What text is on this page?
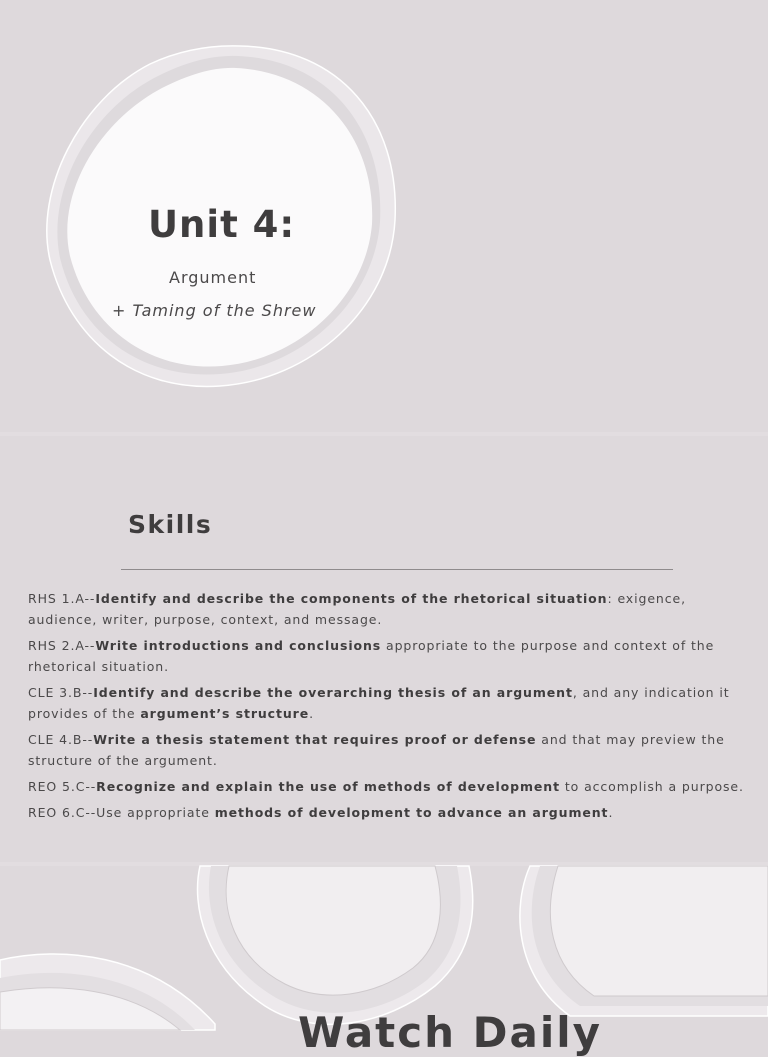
Unit 4:
Argument
+ Taming of the Shrew
Skills
RHS 1.A--Identify and describe the components of the rhetorical situation: exigence, audience, writer, purpose, context, and message.
RHS 2.A--Write introductions and conclusions appropriate to the purpose and context of the rhetorical situation.
CLE 3.B--Identify and describe the overarching thesis of an argument, and any indication it provides of the argument’s structure.
CLE 4.B--Write a thesis statement that requires proof or defense and that may preview the structure of the argument.
REO 5.C--Recognize and explain the use of methods of development to accomplish a purpose.
REO 6.C--Use appropriate methods of development to advance an argument.
Watch Daily
